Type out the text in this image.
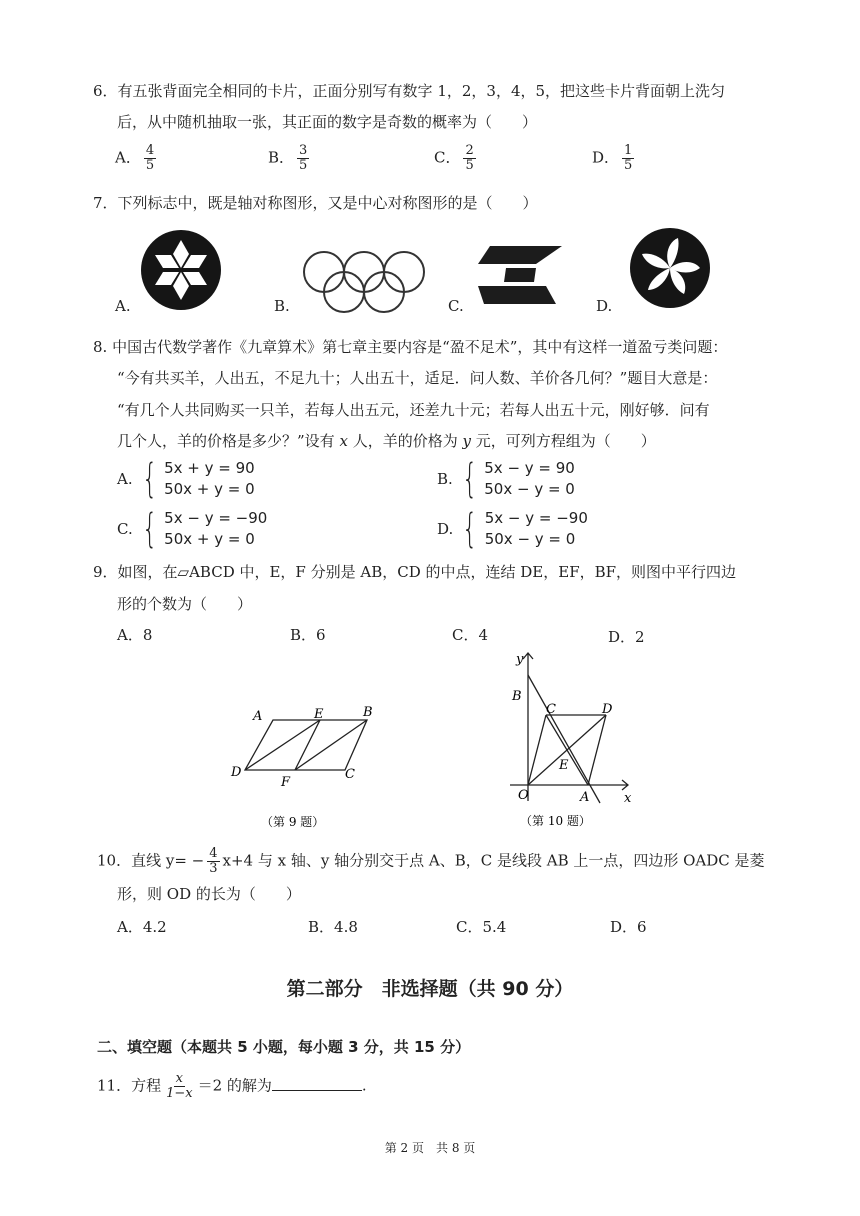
6．有五张背面完全相同的卡片，正面分别写有数字 1，2，3，4，5，把这些卡片背面朝上洗匀
后，从中随机抽取一张，其正面的数字是奇数的概率为（　　）
A． $\frac{4}{5}$	B． $\frac{3}{5}$	C． $\frac{2}{5}$	D． $\frac{1}{5}$
7．下列标志中，既是轴对称图形，又是中心对称图形的是（　　）
A.	B.	C.	D.
8. 中国古代数学著作《九章算术》第七章主要内容是“盈不足术”，其中有这样一道盈亏类问题：
“今有共买羊，人出五，不足九十；人出五十，适足．问人数、羊价各几何？”题目大意是：
“有几个人共同购买一只羊，若每人出五元，还差九十元；若每人出五十元，刚好够．问有
几个人，羊的价格是多少？”设有 x 人，羊的价格为 y 元，可列方程组为（　　）
A. { 5x + y = 90
50x + y = 0
B. { 5x − y = 90
50x − y = 0
C. { 5x − y = −90
50x + y = 0
D. { 5x − y = −90
50x − y = 0
9．如图，在▱ABCD 中，E，F 分别是 AB，CD 的中点，连结 DE，EF，BF，则图中平行四边
形的个数为（　　）
A．8	B．6	C．4	D．2
A	E	B
D
F
C
（第 9 题）
y
x
B
C	D
E
O	A
（第 10 题）
10．直线 $y= - \frac{4}{3} x+4$ 与 x 轴、y 轴分别交于点 A、B，C 是线段 AB 上一点，四边形 OADC 是菱
形，则 OD 的长为（　　）
A．4.2	B．4.8	C．5.4	D．6
第二部分　非选择题（共 90 分）
二、填空题（本题共 5 小题，每小题 3 分，共 15 分）
11．方程 $\frac{x}{1-x} =2$ 的解为	.
第 2 页　共 8 页
